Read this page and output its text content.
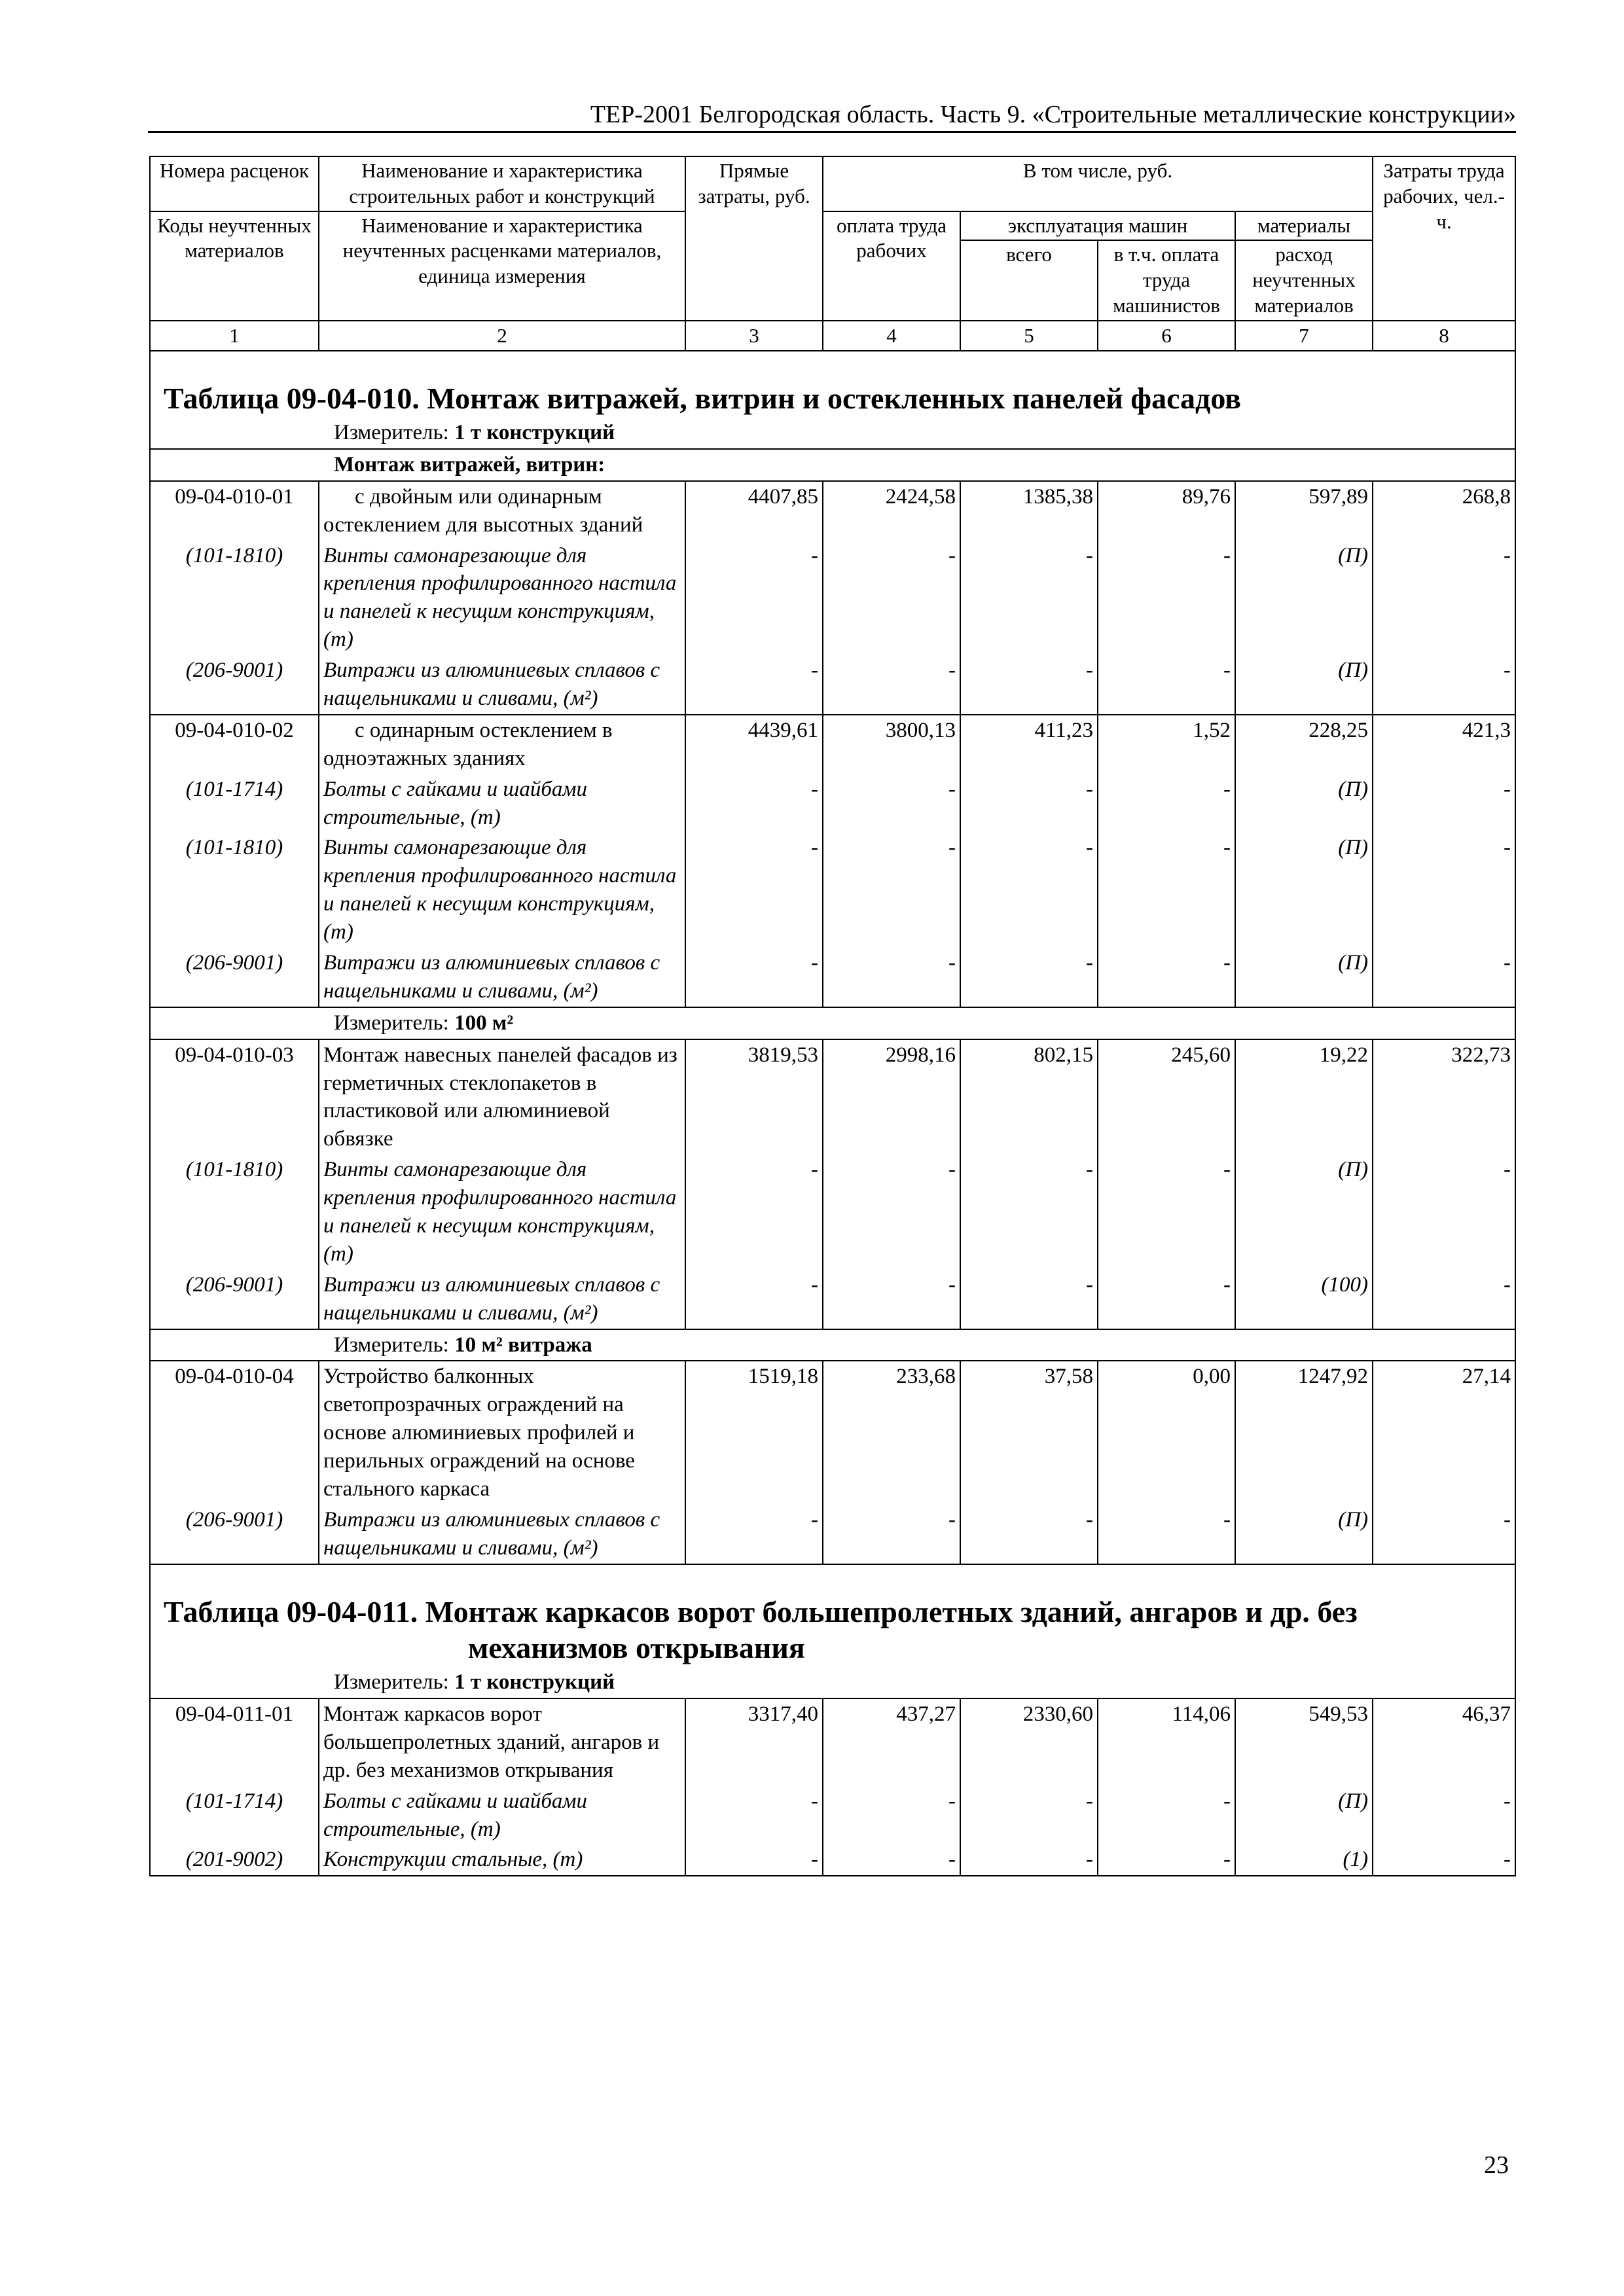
ТЕР-2001 Белгородская область. Часть 9. «Строительные металлические конструкции»
Номера расценок	Наименование и характеристика строительных работ и конструкций	Прямые затраты, руб.	В том числе, руб.				Затраты труда рабочих, чел.-ч.
Коды неучтенных материалов	Наименование и характеристика неучтенных расценками материалов, единица измерения		оплата труда рабочих	эксплуатация машин		материалы	
				всего	в т.ч. оплата труда машинистов	расход неучтенных материалов	
1	2	3	4	5	6	7	8
Таблица 09-04-010. Монтаж витражей, витрин и остекленных панелей фасадов							
Измеритель: 1 т конструкций							
Монтаж витражей, витрин:							
09-04-010-01	с двойным или одинарным остеклением для высотных зданий	4407,85	2424,58	1385,38	89,76	597,89	268,8
(101-1810)	Винты самонарезающие для крепления профилированного настила и панелей к несущим конструкциям, (т)	-	-	-	-	(П)	-
(206-9001)	Витражи из алюминиевых сплавов с нащельниками и сливами, (м²)	-	-	-	-	(П)	-
09-04-010-02	с одинарным остеклением в одноэтажных зданиях	4439,61	3800,13	411,23	1,52	228,25	421,3
(101-1714)	Болты с гайками и шайбами строительные, (т)	-	-	-	-	(П)	-
(101-1810)	Винты самонарезающие для крепления профилированного настила и панелей к несущим конструкциям, (т)	-	-	-	-	(П)	-
(206-9001)	Витражи из алюминиевых сплавов с нащельниками и сливами, (м²)	-	-	-	-	(П)	-
Измеритель: 100 м²							
09-04-010-03	Монтаж навесных панелей фасадов из герметичных стеклопакетов в пластиковой или алюминиевой обвязке	3819,53	2998,16	802,15	245,60	19,22	322,73
(101-1810)	Винты самонарезающие для крепления профилированного настила и панелей к несущим конструкциям, (т)	-	-	-	-	(П)	-
(206-9001)	Витражи из алюминиевых сплавов с нащельниками и сливами, (м²)	-	-	-	-	(100)	-
Измеритель: 10 м² витража							
09-04-010-04	Устройство балконных светопрозрачных ограждений на основе алюминиевых профилей и перильных ограждений на основе стального каркаса	1519,18	233,68	37,58	0,00	1247,92	27,14
(206-9001)	Витражи из алюминиевых сплавов с нащельниками и сливами, (м²)	-	-	-	-	(П)	-
Таблица 09-04-011. Монтаж каркасов ворот большепролетных зданий, ангаров и др. без
механизмов открывания							

Измеритель: 1 т конструкций							
09-04-011-01	Монтаж каркасов ворот большепролетных зданий, ангаров и др. без механизмов открывания	3317,40	437,27	2330,60	114,06	549,53	46,37
(101-1714)	Болты с гайками и шайбами строительные, (т)	-	-	-	-	(П)	-
(201-9002)	Конструкции стальные, (т)	-	-	-	-	(1)	-
23
